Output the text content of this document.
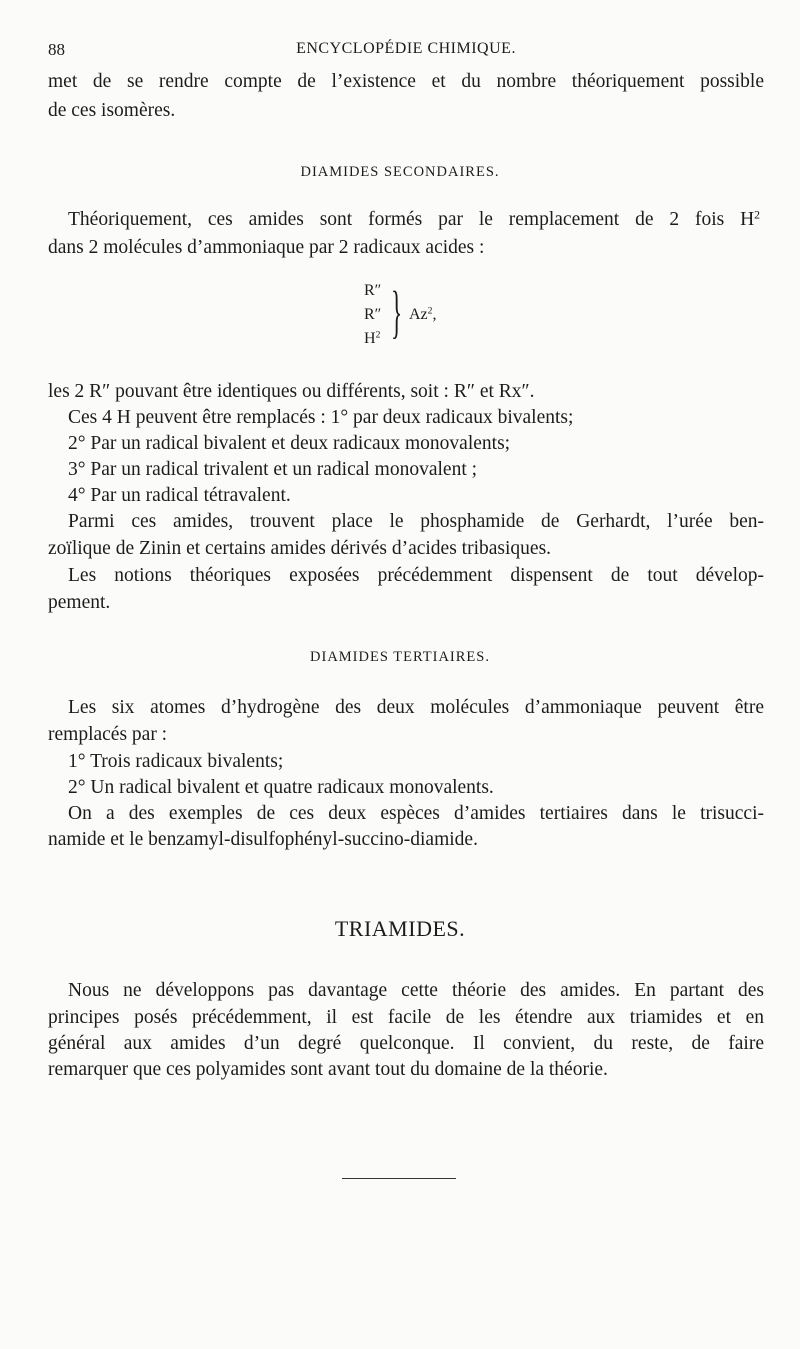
88	ENCYCLOPÉDIE CHIMIQUE.
met de se rendre compte de l’existence et du nombre théoriquement possible
de ces isomères.
DIAMIDES SECONDAIRES.
Théoriquement, ces amides sont formés par le remplacement de 2 fois $H^2$
dans 2 molécules d’ammoniaque par 2 radicaux acides :
R″
R″
$H^2$ } Az$^2$,
les 2 R″ pouvant être identiques ou différents, soit : R″ et Rx″.
Ces 4 H peuvent être remplacés : 1° par deux radicaux bivalents;
2° Par un radical bivalent et deux radicaux monovalents;
3° Par un radical trivalent et un radical monovalent ;
4° Par un radical tétravalent.
Parmi ces amides, trouvent place le phosphamide de Gerhardt, l’urée ben-
zoïlique de Zinin et certains amides dérivés d’acides tribasiques.
Les notions théoriques exposées précédemment dispensent de tout dévelop-
pement.
DIAMIDES TERTIAIRES.
Les six atomes d’hydrogène des deux molécules d’ammoniaque peuvent être
remplacés par :
1° Trois radicaux bivalents;
2° Un radical bivalent et quatre radicaux monovalents.
On a des exemples de ces deux espèces d’amides tertiaires dans le trisucci-
namide et le benzamyl-disulfophényl-succino-diamide.
TRIAMIDES.
Nous ne développons pas davantage cette théorie des amides. En partant des
principes posés précédemment, il est facile de les étendre aux triamides et en
général aux amides d’un degré quelconque. Il convient, du reste, de faire
remarquer que ces polyamides sont avant tout du domaine de la théorie.
